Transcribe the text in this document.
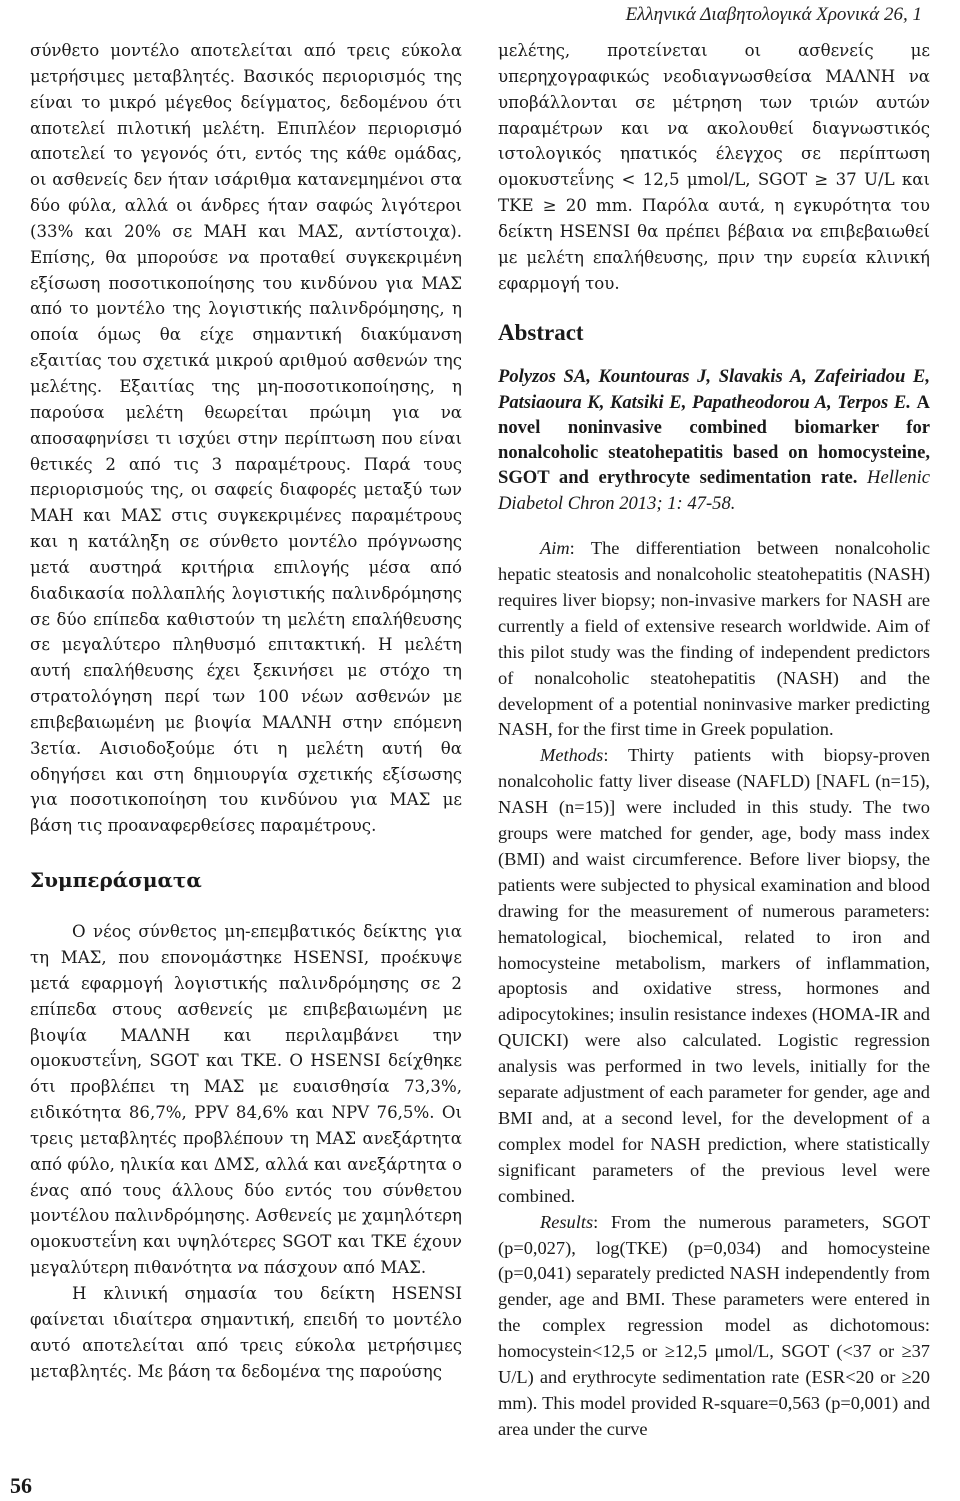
Ελληνικά Διαβητολογικά Χρονικά 26, 1

σύνθετο μοντέλο αποτελείται από τρεις εύκολα μετρήσιμες μεταβλητές. Βασικός περιορισμός της είναι το μικρό μέγεθος δείγματος, δεδομένου ότι αποτελεί πιλοτική μελέτη. Επιπλέον περιορισμό αποτελεί το γεγονός ότι, εντός της κάθε ομάδας, οι ασθενείς δεν ήταν ισάριθμα κατανεμημένοι στα δύο φύλα, αλλά οι άνδρες ήταν σαφώς λιγότεροι (33% και 20% σε ΜΑΗ και ΜΑΣ, αντίστοιχα). Επίσης, θα μπορούσε να προταθεί συγκεκριμένη εξίσωση ποσοτικοποίησης του κινδύνου για ΜΑΣ από το μοντέλο της λογιστικής παλινδρόμησης, η οποία όμως θα είχε σημαντική διακύμανση εξαιτίας του σχετικά μικρού αριθμού ασθενών της μελέτης. Εξαιτίας της μη-ποσοτικοποίησης, η παρούσα μελέτη θεωρείται πρώιμη για να αποσαφηνίσει τι ισχύει στην περίπτωση που είναι θετικές 2 από τις 3 παραμέτρους. Παρά τους περιορισμούς της, οι σαφείς διαφορές μεταξύ των ΜΑΗ και ΜΑΣ στις συγκεκριμένες παραμέτρους και η κατάληξη σε σύνθετο μοντέλο πρόγνωσης μετά αυστηρά κριτήρια επιλογής μέσα από διαδικασία πολλαπλής λογιστικής παλινδρόμησης σε δύο επίπεδα καθιστούν τη μελέτη επαλήθευσης σε μεγαλύτερο πληθυσμό επιτακτική. Η μελέτη αυτή επαλήθευσης έχει ξεκινήσει με στόχο τη στρατολόγηση περί των 100 νέων ασθενών με επιβεβαιωμένη με βιοψία ΜΑΛΝΗ στην επόμενη 3ετία. Αισιοδοξούμε ότι η μελέτη αυτή θα οδηγήσει και στη δημιουργία σχετικής εξίσωσης για ποσοτικοποίηση του κινδύνου για ΜΑΣ με βάση τις προαναφερθείσες παραμέτρους.

Συμπεράσματα

Ο νέος σύνθετος μη-επεμβατικός δείκτης για τη ΜΑΣ, που επονομάστηκε HSENSI, προέκυψε μετά εφαρμογή λογιστικής παλινδρόμησης σε 2 επίπεδα στους ασθενείς με επιβεβαιωμένη με βιοψία ΜΑΛΝΗ και περιλαμβάνει την ομοκυστεΐνη, SGOT και ΤΚΕ. Ο HSENSI δείχθηκε ότι προβλέπει τη ΜΑΣ με ευαισθησία 73,3%, ειδικότητα 86,7%, PPV 84,6% και NPV 76,5%. Οι τρεις μεταβλητές προβλέπουν τη ΜΑΣ ανεξάρτητα από φύλο, ηλικία και ΔΜΣ, αλλά και ανεξάρτητα ο ένας από τους άλλους δύο εντός του σύνθετου μοντέλου παλινδρόμησης. Ασθενείς με χαμηλότερη ομοκυστεΐνη και υψηλότερες SGOT και ΤΚΕ έχουν μεγαλύτερη πιθανότητα να πάσχουν από ΜΑΣ.

Η κλινική σημασία του δείκτη HSENSI φαίνεται ιδιαίτερα σημαντική, επειδή το μοντέλο αυτό αποτελείται από τρεις εύκολα μετρήσιμες μεταβλητές. Με βάση τα δεδομένα της παρούσης

μελέτης, προτείνεται οι ασθενείς με υπερηχογραφικώς νεοδιαγνωσθείσα ΜΑΛΝΗ να υποβάλλονται σε μέτρηση των τριών αυτών παραμέτρων και να ακολουθεί διαγνωστικός ιστολογικός ηπατικός έλεγχος σε περίπτωση ομοκυστεΐνης < 12,5 μmol/L, SGOT ≥ 37 U/L και ΤΚΕ ≥ 20 mm. Παρόλα αυτά, η εγκυρότητα του δείκτη HSENSI θα πρέπει βέβαια να επιβεβαιωθεί με μελέτη επαλήθευσης, πριν την ευρεία κλινική εφαρμογή του.

Abstract

Polyzos SA, Kountouras J, Slavakis A, Zafeiriadou E, Patsiaoura K, Katsiki E, Papatheodorou A, Terpos E. A novel noninvasive combined biomarker for nonalcoholic steatohepatitis based on homocysteine, SGOT and erythrocyte sedimentation rate. Hellenic Diabetol Chron 2013; 1: 47-58.

Aim: The differentiation between nonalcoholic hepatic steatosis and nonalcoholic steatohepatitis (NASH) requires liver biopsy; non-invasive markers for NASH are currently a field of extensive research worldwide. Aim of this pilot study was the finding of independent predictors of nonalcoholic steatohepatitis (NASH) and the development of a potential noninvasive marker predicting NASH, for the first time in Greek population.

Methods: Thirty patients with biopsy-proven nonalcoholic fatty liver disease (NAFLD) [NAFL (n=15), NASH (n=15)] were included in this study. The two groups were matched for gender, age, body mass index (BMI) and waist circumference. Before liver biopsy, the patients were subjected to physical examination and blood drawing for the measurement of numerous parameters: hematological, biochemical, related to iron and homocysteine metabolism, markers of inflammation, apoptosis and oxidative stress, hormones and adipocytokines; insulin resistance indexes (HOMA-IR and QUICKI) were also calculated. Logistic regression analysis was performed in two levels, initially for the separate adjustment of each parameter for gender, age and BMI and, at a second level, for the development of a complex model for NASH prediction, where statistically significant parameters of the previous level were combined.

Results: From the numerous parameters, SGOT (p=0,027), log(TKE) (p=0,034) and homocysteine (p=0,041) separately predicted NASH independently from gender, age and BMI. These parameters were entered in the complex regression model as dichotomous: homocystein<12,5 or ≥12,5 μmol/L, SGOT (<37 or ≥37 U/L) and erythrocyte sedimentation rate (ESR<20 or ≥20 mm). This model provided R-square=0,563 (p=0,001) and area under the curve

56
